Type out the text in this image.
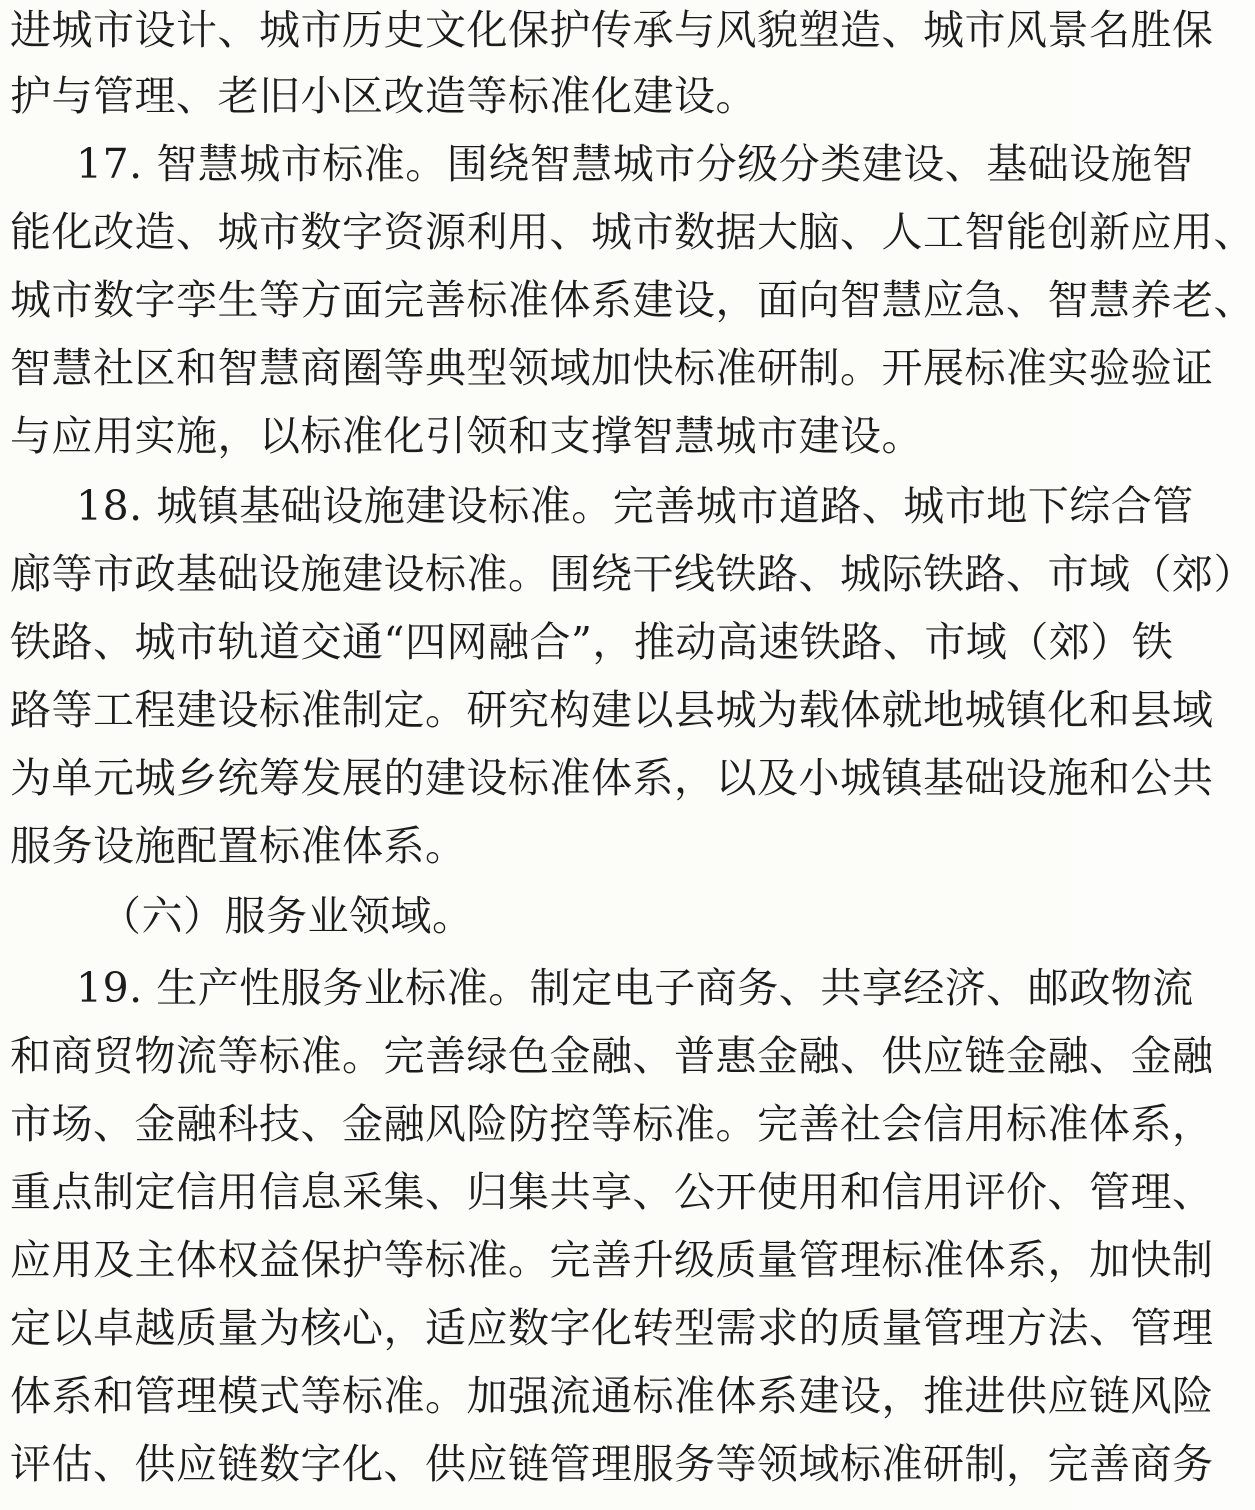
进城市设计、城市历史文化保护传承与风貌塑造、城市风景名胜保
护与管理、老旧小区改造等标准化建设。
17. 智慧城市标准。围绕智慧城市分级分类建设、基础设施智
能化改造、城市数字资源利用、城市数据大脑、人工智能创新应用、
城市数字孪生等方面完善标准体系建设，面向智慧应急、智慧养老、
智慧社区和智慧商圈等典型领域加快标准研制。开展标准实验验证
与应用实施，以标准化引领和支撑智慧城市建设。
18. 城镇基础设施建设标准。完善城市道路、城市地下综合管
廊等市政基础设施建设标准。围绕干线铁路、城际铁路、市域（郊）
铁路、城市轨道交通“四网融合”，推动高速铁路、市域（郊）铁
路等工程建设标准制定。研究构建以县城为载体就地城镇化和县域
为单元城乡统筹发展的建设标准体系，以及小城镇基础设施和公共
服务设施配置标准体系。
（六）服务业领域。
19. 生产性服务业标准。制定电子商务、共享经济、邮政物流
和商贸物流等标准。完善绿色金融、普惠金融、供应链金融、金融
市场、金融科技、金融风险防控等标准。完善社会信用标准体系，
重点制定信用信息采集、归集共享、公开使用和信用评价、管理、
应用及主体权益保护等标准。完善升级质量管理标准体系，加快制
定以卓越质量为核心，适应数字化转型需求的质量管理方法、管理
体系和管理模式等标准。加强流通标准体系建设，推进供应链风险
评估、供应链数字化、供应链管理服务等领域标准研制，完善商务
